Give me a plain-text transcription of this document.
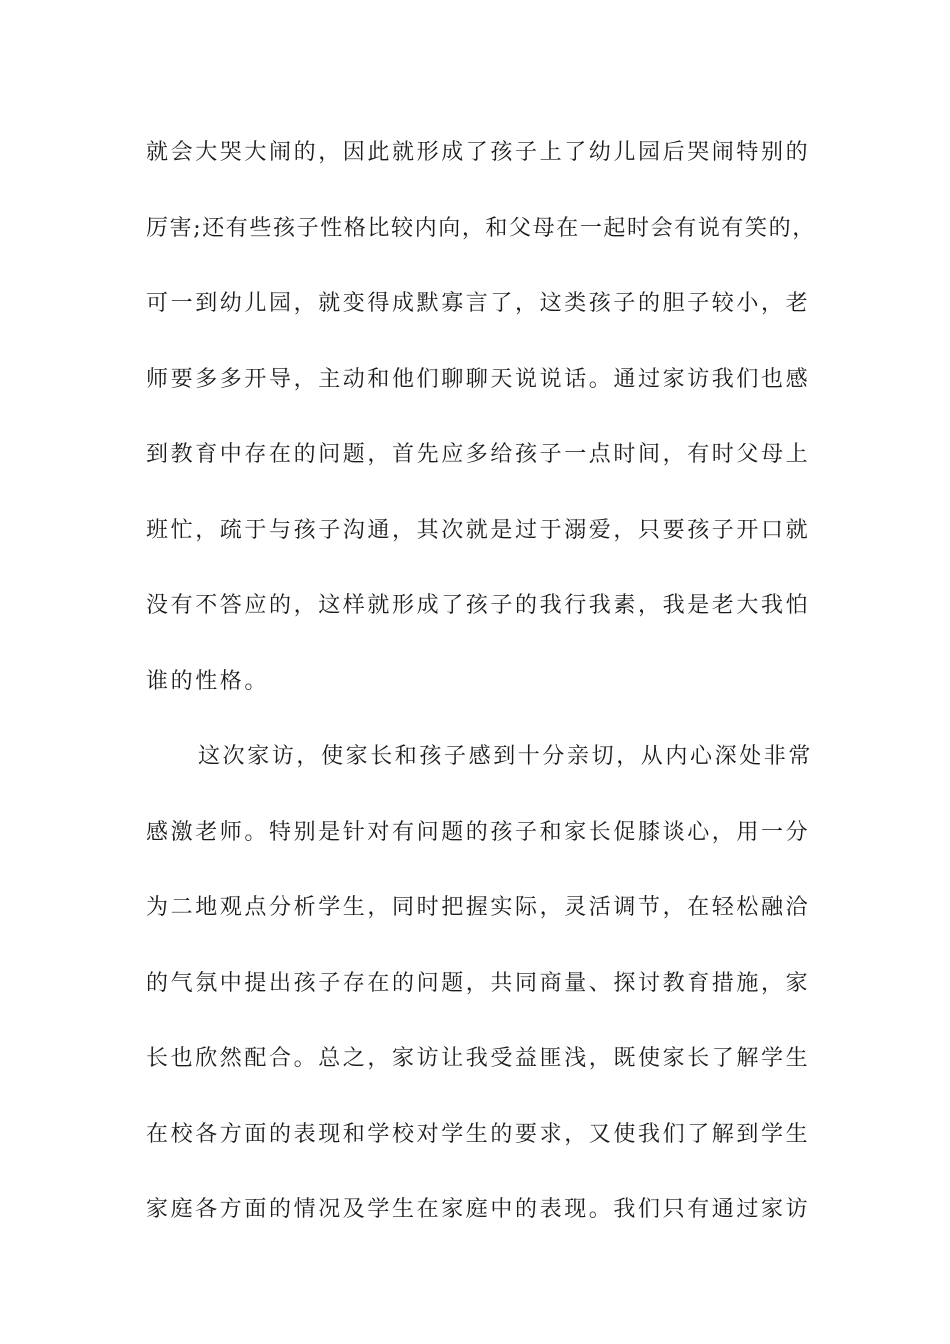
就会大哭大闹的，因此就形成了孩子上了幼儿园后哭闹特别的
厉害;还有些孩子性格比较内向，和父母在一起时会有说有笑的，
可一到幼儿园，就变得成默寡言了，这类孩子的胆子较小，老
师要多多开导，主动和他们聊聊天说说话。通过家访我们也感
到教育中存在的问题，首先应多给孩子一点时间，有时父母上
班忙，疏于与孩子沟通，其次就是过于溺爱，只要孩子开口就
没有不答应的，这样就形成了孩子的我行我素，我是老大我怕
谁的性格。
这次家访，使家长和孩子感到十分亲切，从内心深处非常
感激老师。特别是针对有问题的孩子和家长促膝谈心，用一分
为二地观点分析学生，同时把握实际，灵活调节，在轻松融洽
的气氛中提出孩子存在的问题，共同商量、探讨教育措施，家
长也欣然配合。总之，家访让我受益匪浅，既使家长了解学生
在校各方面的表现和学校对学生的要求，又使我们了解到学生
家庭各方面的情况及学生在家庭中的表现。我们只有通过家访
